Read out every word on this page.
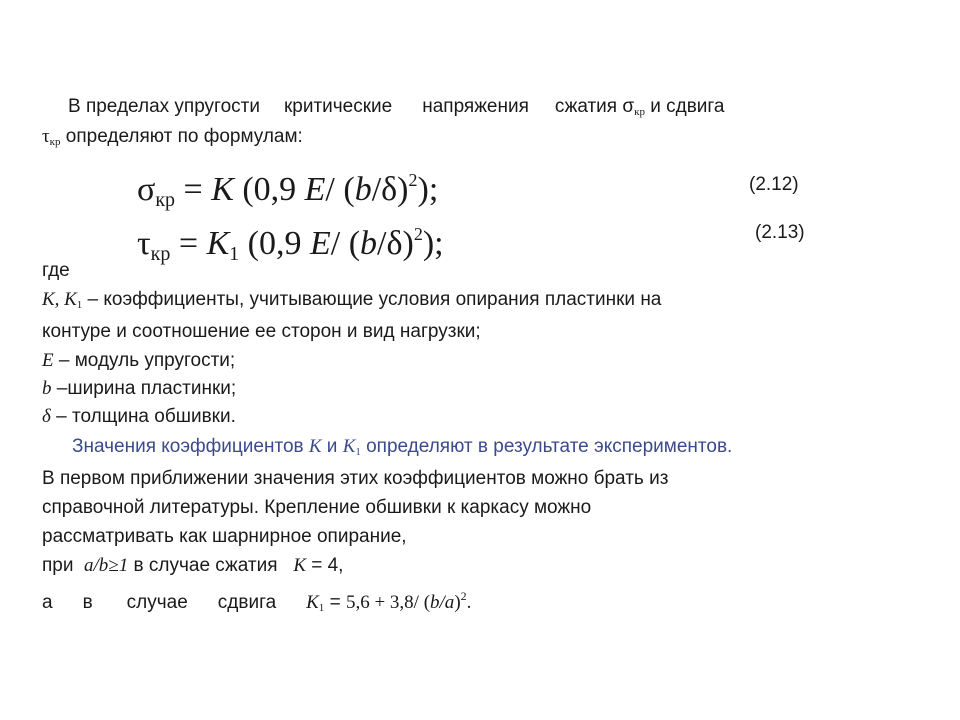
В пределах упругости критические напряжения сжатия $\sigma_{кр}$ и сдвига
$\tau_{кр}$ определяют по формулам:
$\sigma_{кр} = К$ (0,9 Е/ $(b/\delta)^2$);	(2.12)
$\tau_{кр} = К_1$ (0,9 Е/ $(b/\delta)^2$);	(2.13)
где
К, $К_1$ – коэффициенты, учитывающие условия опирания пластинки на
контуре и соотношение ее сторон и вид нагрузки;
Е – модуль упругости;
b –ширина пластинки;
δ – толщина обшивки.
Значения коэффициентов К и $К_1$ определяют в результате экспериментов.
В первом приближении значения этих коэффициентов можно брать из
справочной литературы. Крепление обшивки к каркасу можно
рассматривать как шарнирное опирание,
при  a/b≥1 в случае сжатия   К = 4,
а в случае сдвига $К_1 = 5,6 + 3,8/$ $(b/a)^2$.
